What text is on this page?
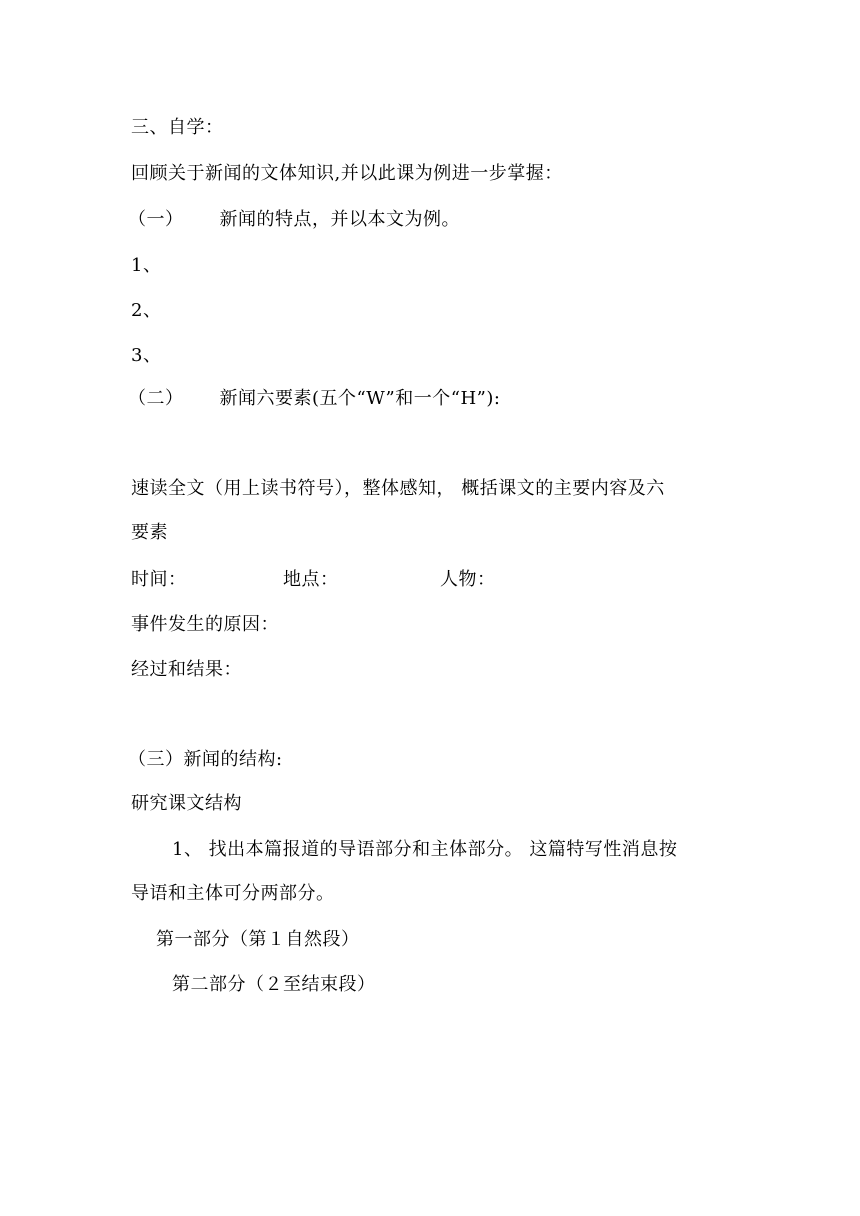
三、自学：
回顾关于新闻的文体知识,并以此课为例进一步掌握：
（一） 新闻的特点，并以本文为例。
1、
2、
3、
（二） 新闻六要素(五个“W”和一个“H”):
速读全文（用上读书符号），整体感知， 概括课文的主要内容及六
要素
时间：	地点：	人物：
事件发生的原因：
经过和结果：
（三）新闻的结构:
研究课文结构
1、 找出本篇报道的导语部分和主体部分。 这篇特写性消息按
导语和主体可分两部分。
第一部分（第１自然段）
第二部分（２至结束段）
